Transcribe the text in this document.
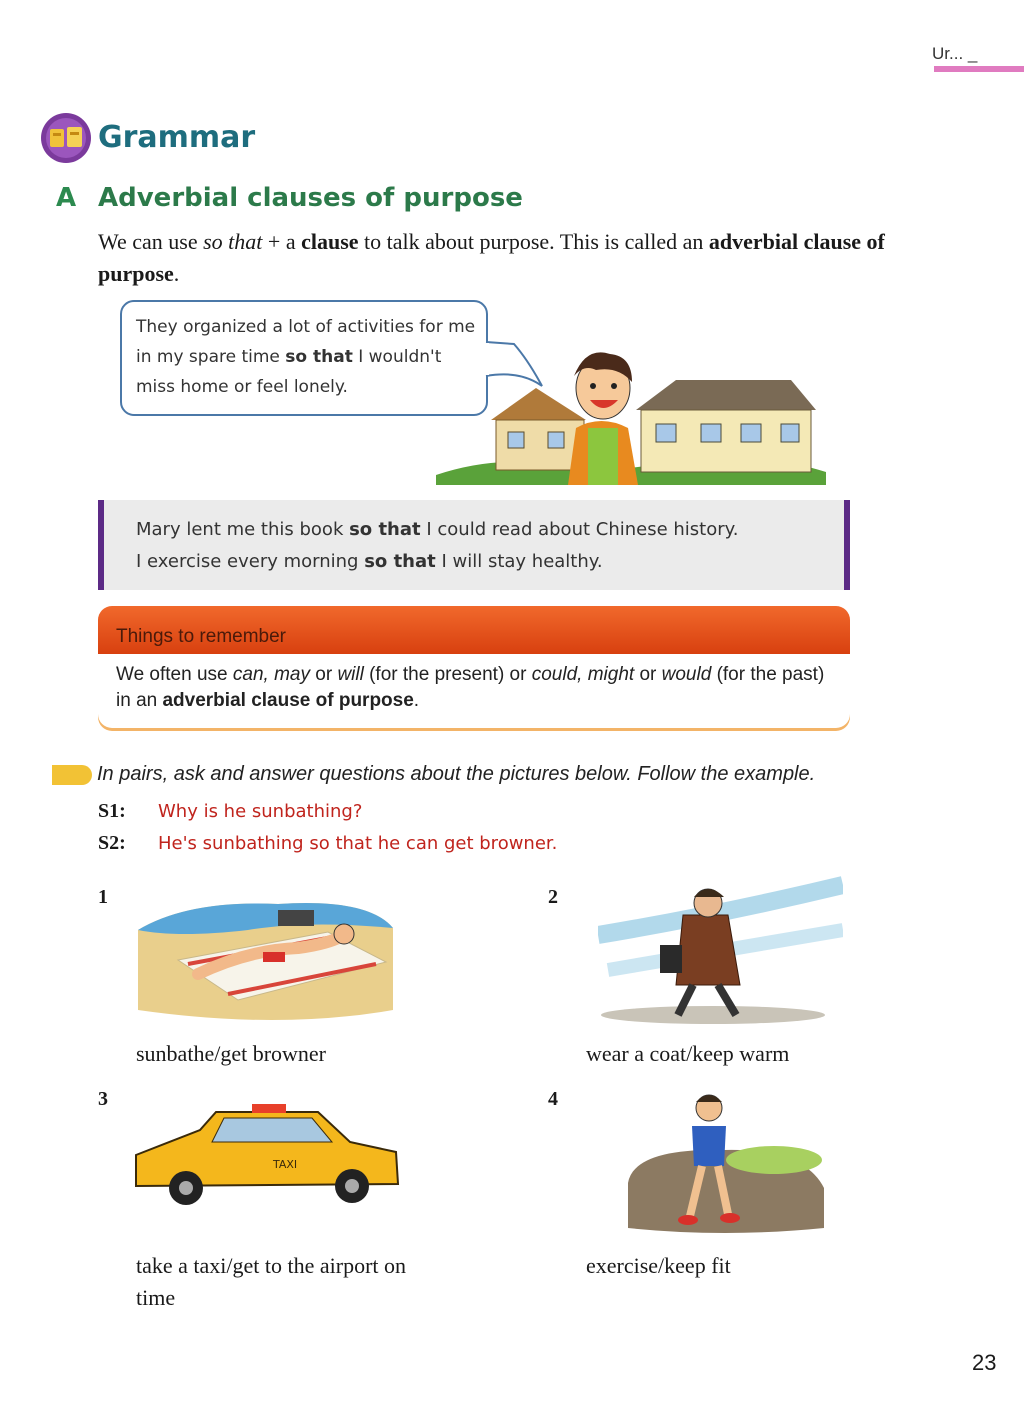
Ur... _
Grammar
A Adverbial clauses of purpose
We can use so that + a clause to talk about purpose. This is called an adverbial clause of purpose.
They organized a lot of activities for me in my spare time so that I wouldn't miss home or feel lonely.
Mary lent me this book so that I could read about Chinese history.
I exercise every morning so that I will stay healthy.
Things to remember
We often use can, may or will (for the present) or could, might or would (for the past) in an adverbial clause of purpose.
In pairs, ask and answer questions about the pictures below. Follow the example.
S1: Why is he sunbathing?
S2: He's sunbathing so that he can get browner.
1
sunbathe/get browner
2
wear a coat/keep warm
3
TAXI
take a taxi/get to the airport on time
4
exercise/keep fit
23
